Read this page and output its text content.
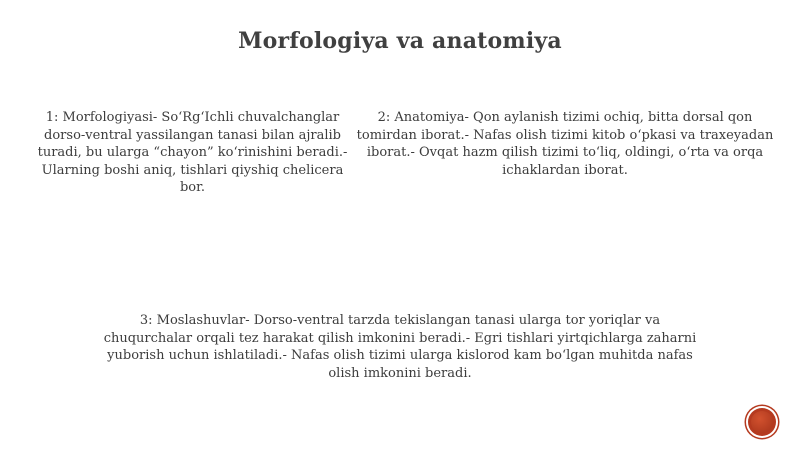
Morfologiya va anatomiya
1: Morfologiyasi- So‘Rg‘Ichli chuvalchanglar dorso-ventral yassilangan tanasi bilan ajralib turadi, bu ularga “chayon” ko‘rinishini beradi.- Ularning boshi aniq, tishlari qiyshiq chelicera bor.
2: Anatomiya- Qon aylanish tizimi ochiq, bitta dorsal qon tomirdan iborat.- Nafas olish tizimi kitob o‘pkasi va traxeyadan iborat.- Ovqat hazm qilish tizimi to‘liq, oldingi, o‘rta va orqa ichaklardan iborat.
3: Moslashuvlar- Dorso-ventral tarzda tekislangan tanasi ularga tor yoriqlar va chuqurchalar orqali tez harakat qilish imkonini beradi.- Egri tishlari yirtqichlarga zaharni yuborish uchun ishlatiladi.- Nafas olish tizimi ularga kislorod kam bo‘lgan muhitda nafas olish imkonini beradi.
